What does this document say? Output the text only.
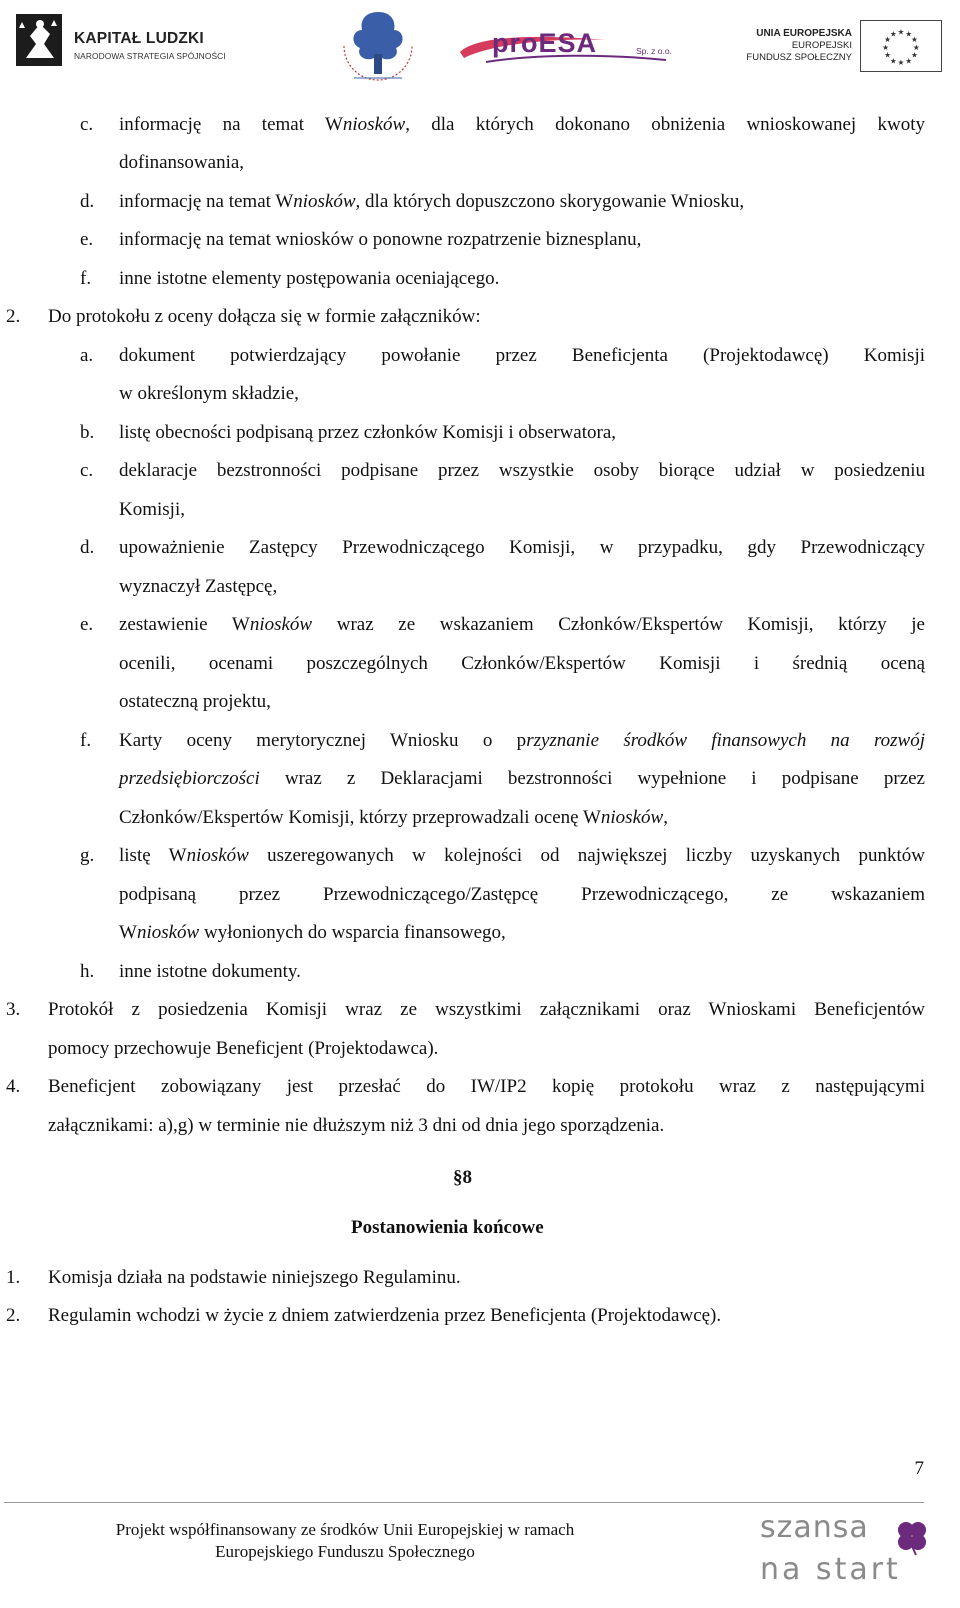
KAPITAŁ LUDZKI
NARODOWA STRATEGIA SPÓJNOŚCI	proESA	Sp. z o.o.
UNIA EUROPEJSKA
EUROPEJSKI
FUNDUSZ SPOŁECZNY
★ ★
★
★
★
★
★
★
★
★
★
★
c. informację na temat Wniosków, dla których dokonano obniżenia wnioskowanej kwoty
dofinansowania,
d. informację na temat Wniosków, dla których dopuszczono skorygowanie Wniosku,
e. informację na temat wniosków o ponowne rozpatrzenie biznesplanu,
f. inne istotne elementy postępowania oceniającego.
2. Do protokołu z oceny dołącza się w formie załączników:
a. dokument potwierdzający powołanie przez Beneficjenta (Projektodawcę) Komisji
w określonym składzie,
b. listę obecności podpisaną przez członków Komisji i obserwatora,
c. deklaracje bezstronności podpisane przez wszystkie osoby biorące udział w posiedzeniu
Komisji,
d. upoważnienie Zastępcy Przewodniczącego Komisji, w przypadku, gdy Przewodniczący
wyznaczył Zastępcę,
e. zestawienie Wniosków wraz ze wskazaniem Członków/Ekspertów Komisji, którzy je
ocenili, ocenami poszczególnych Członków/Ekspertów Komisji i średnią oceną
ostateczną projektu,
f. Karty oceny merytorycznej Wniosku o przyznanie środków finansowych na rozwój
przedsiębiorczości wraz z Deklaracjami bezstronności wypełnione i podpisane przez
Członków/Ekspertów Komisji, którzy przeprowadzali ocenę Wniosków,
g. listę Wniosków uszeregowanych w kolejności od największej liczby uzyskanych punktów
podpisaną przez Przewodniczącego/Zastępcę Przewodniczącego, ze wskazaniem
Wniosków wyłonionych do wsparcia finansowego,
h. inne istotne dokumenty.
3. Protokół z posiedzenia Komisji wraz ze wszystkimi załącznikami oraz Wnioskami Beneficjentów
pomocy przechowuje Beneficjent (Projektodawca).
4. Beneficjent zobowiązany jest przesłać do IW/IP2 kopię protokołu wraz z następującymi
załącznikami: a),g) w terminie nie dłuższym niż 3 dni od dnia jego sporządzenia.
§8
Postanowienia końcowe
1. Komisja działa na podstawie niniejszego Regulaminu.
2. Regulamin wchodzi w życie z dniem zatwierdzenia przez Beneficjenta (Projektodawcę).
7
Projekt współfinansowany ze środków Unii Europejskiej w ramach
Europejskiego Funduszu Społecznego
szansa
na start
